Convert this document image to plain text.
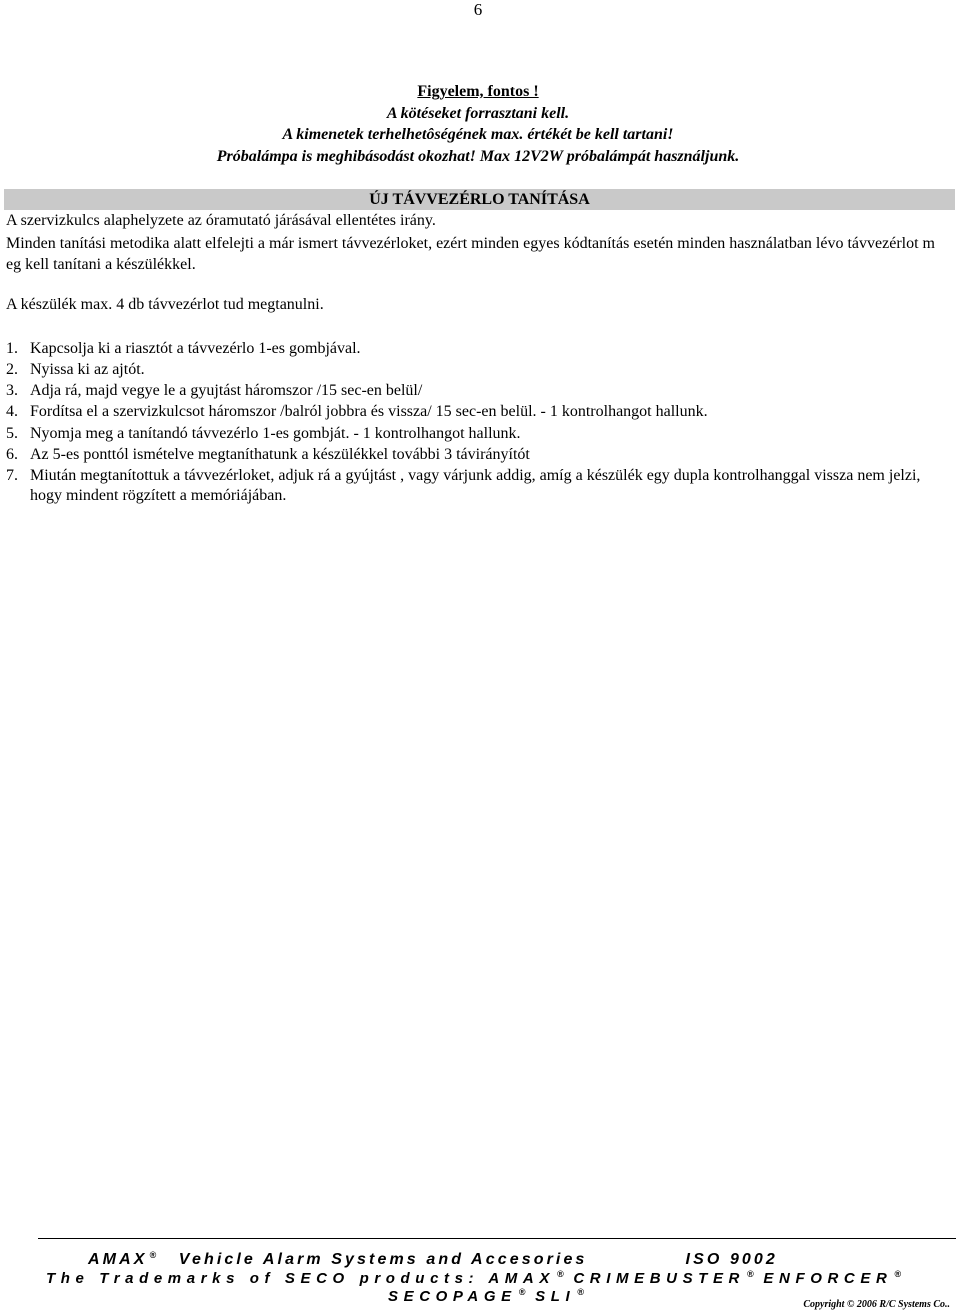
6
Figyelem, fontos !
A kötéseket forrasztani kell.
A kimenetek terhelhetôségének max. értékét be kell tartani!
Próbalámpa is meghibásodást okozhat! Max 12V2W próbalámpát használjunk.
ÚJ TÁVVEZÉRLO TANÍTÁSA
A szervizkulcs alaphelyzete az óramutató járásával ellentétes irány.
Minden tanítási metodika alatt elfelejti a már ismert távvezérloket, ezért minden egyes kódtanítás esetén minden használatban lévo távvezérlot m eg kell tanítani a készülékkel.
A készülék max. 4 db távvezérlot tud megtanulni.
1. Kapcsolja ki a riasztót a távvezérlo 1-es gombjával.
2. Nyissa ki az ajtót.
3. Adja rá, majd vegye le a gyujtást háromszor /15 sec-en belül/
4. Fordítsa el a szervizkulcsot háromszor /balról jobbra és vissza/ 15 sec-en belül. - 1 kontrolhangot hallunk.
5. Nyomja meg a tanítandó távvezérlo 1-es gombját. - 1 kontrolhangot hallunk.
6. Az 5-es ponttól ismételve megtaníthatunk a készülékkel további 3 távirányítót
7. Miután megtanítottuk a távvezérloket, adjuk rá a gyújtást , vagy várjunk addig, amíg a készülék egy dupla kontrolhanggal vissza nem jelzi, hogy mindent rögzített a memóriájában.
AMAX ® Vehicle Alarm Systems and Accesories	ISO 9002
The Trademarks of SECO products: AMAX ® CRIMEBUSTER ® ENFORCER ®
SECOPAGE ® SLI ®
Copyright © 2006 R/C Systems Co..
